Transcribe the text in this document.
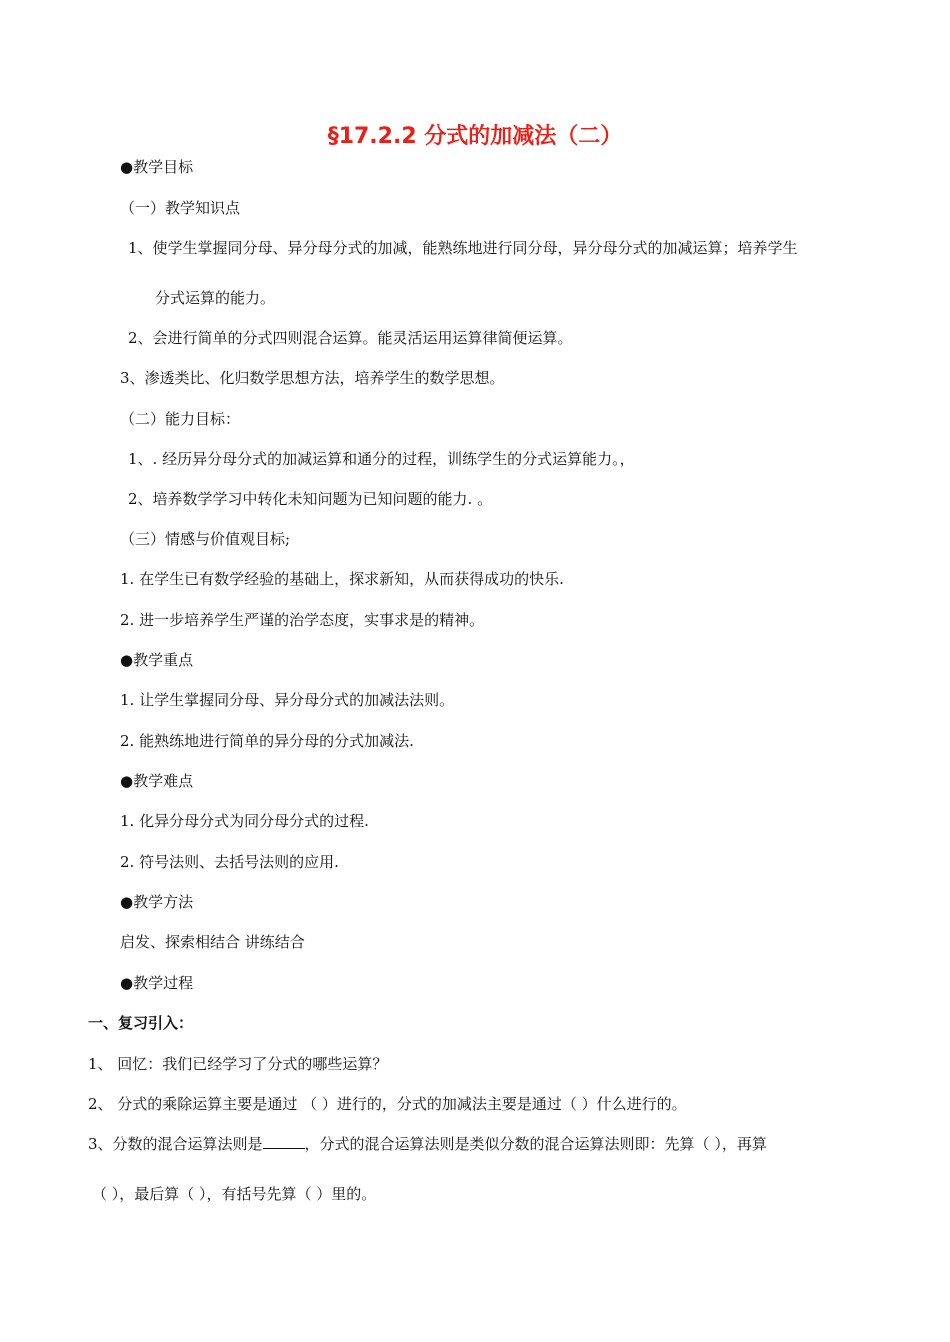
§17.2.2 分式的加减法（二）
●教学目标
（一）教学知识点
1、使学生掌握同分母、异分母分式的加减，能熟练地进行同分母，异分母分式的加减运算；培养学生
分式运算的能力。
2、会进行简单的分式四则混合运算。能灵活运用运算律简便运算。
3、渗透类比、化归数学思想方法，培养学生的数学思想。
（二）能力目标：
1、. 经历异分母分式的加减运算和通分的过程，训练学生的分式运算能力。，
2、培养数学学习中转化未知问题为已知问题的能力. 。
（三）情感与价值观目标;
1. 在学生已有数学经验的基础上，探求新知，从而获得成功的快乐.
2. 进一步培养学生严谨的治学态度，实事求是的精神。
●教学重点
1. 让学生掌握同分母、异分母分式的加减法法则。
2. 能熟练地进行简单的异分母的分式加减法.
●教学难点
1. 化异分母分式为同分母分式的过程.
2. 符号法则、去括号法则的应用.
●教学方法
启发、探索相结合 讲练结合
●教学过程
一、复习引入：
1、 回忆：我们已经学习了分式的哪些运算？
2、 分式的乘除运算主要是通过 （ ）进行的，分式的加减法主要是通过（ ）什么进行的。
3、分数的混合运算法则是	，分式的混合运算法则是类似分数的混合运算法则即：先算（ ），再算
（ ），最后算（ ），有括号先算（ ）里的。
